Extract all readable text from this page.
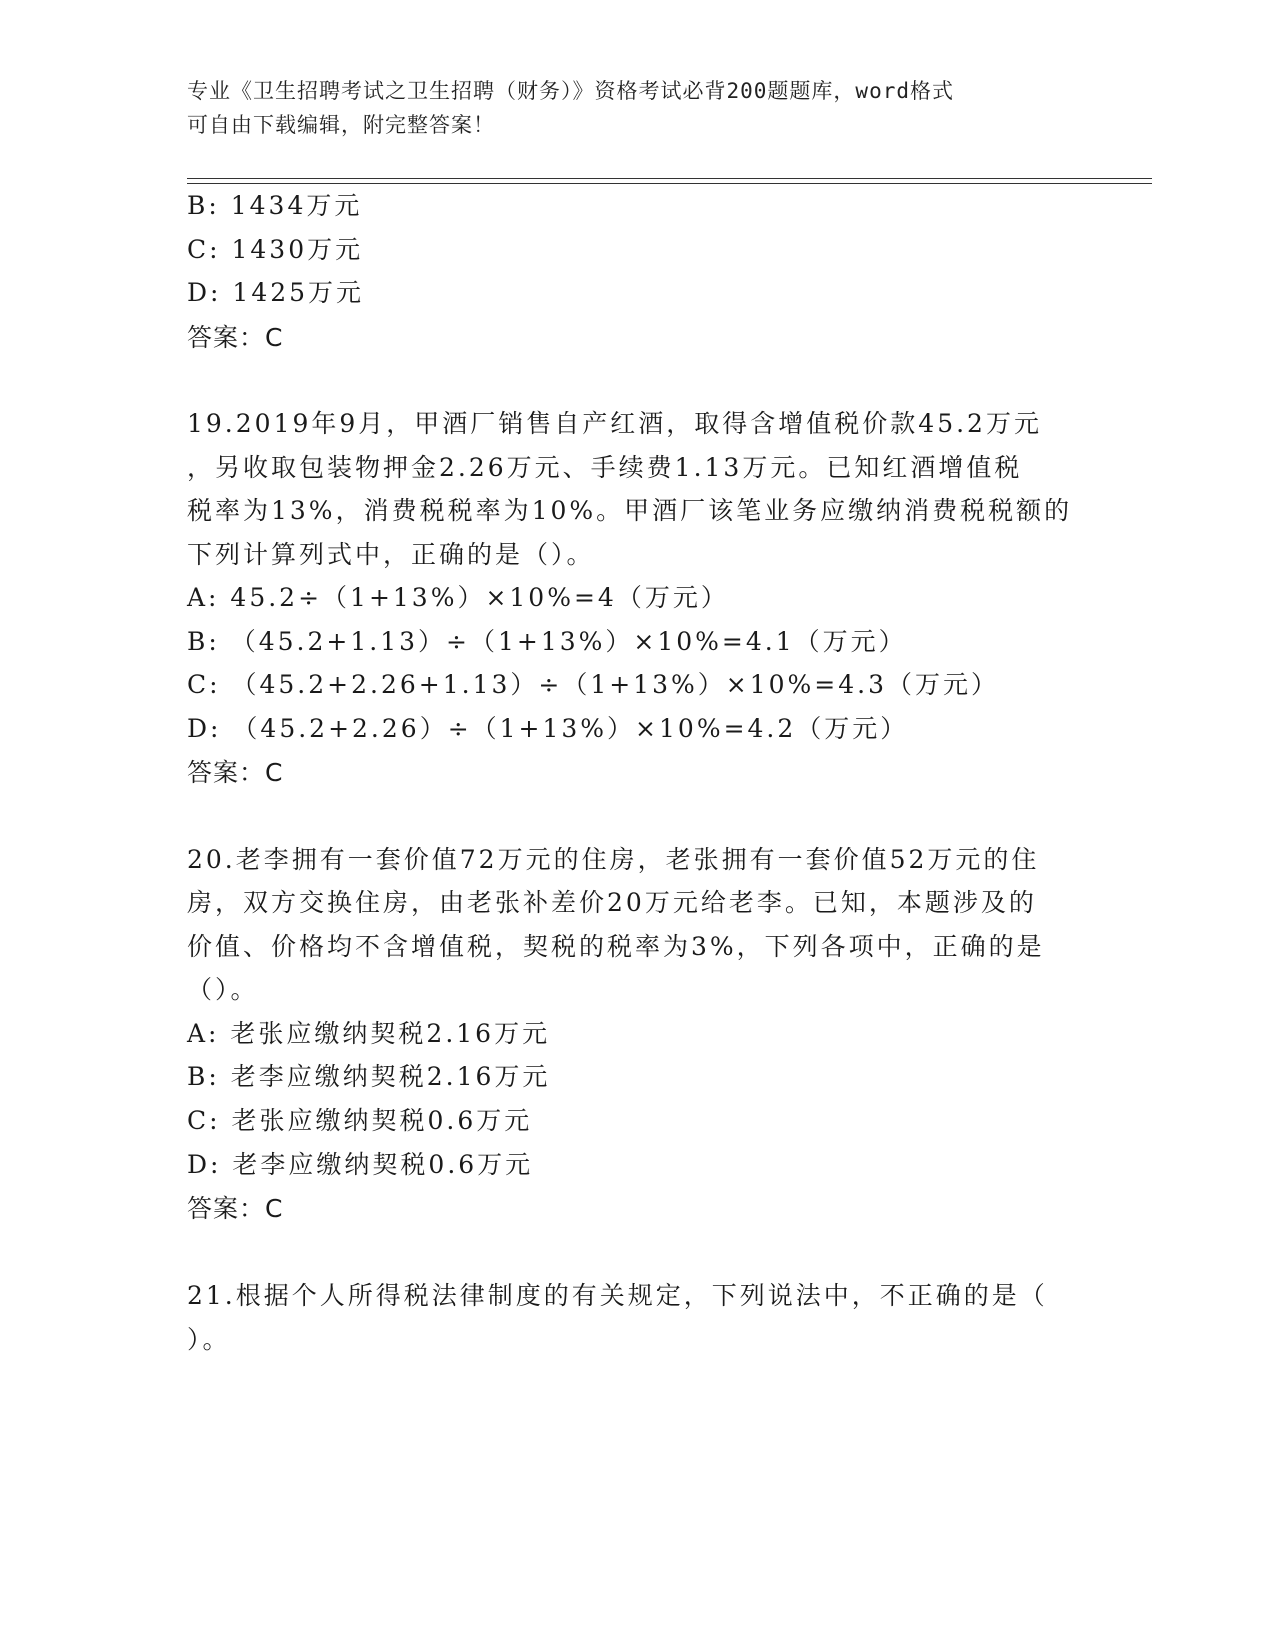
专业《卫生招聘考试之卫生招聘（财务）》资格考试必背200题题库，word格式
可自由下载编辑，附完整答案！
B: 1434万元
C: 1430万元
D: 1425万元
答案：C
19.2019年9月，甲酒厂销售自产红酒，取得含增值税价款45.2万元
，另收取包装物押金2.26万元、手续费1.13万元。已知红酒增值税
税率为13%，消费税税率为10%。甲酒厂该笔业务应缴纳消费税税额的
下列计算列式中，正确的是（）。
A: 45.2÷（1+13%）×10%=4（万元）
B: （45.2+1.13）÷（1+13%）×10%=4.1（万元）
C: （45.2+2.26+1.13）÷（1+13%）×10%=4.3（万元）
D: （45.2+2.26）÷（1+13%）×10%=4.2（万元）
答案：C
20.老李拥有一套价值72万元的住房，老张拥有一套价值52万元的住
房，双方交换住房，由老张补差价20万元给老李。已知，本题涉及的
价值、价格均不含增值税，契税的税率为3%，下列各项中，正确的是
（）。
A: 老张应缴纳契税2.16万元
B: 老李应缴纳契税2.16万元
C: 老张应缴纳契税0.6万元
D: 老李应缴纳契税0.6万元
答案：C
21.根据个人所得税法律制度的有关规定，下列说法中，不正确的是（
）。
